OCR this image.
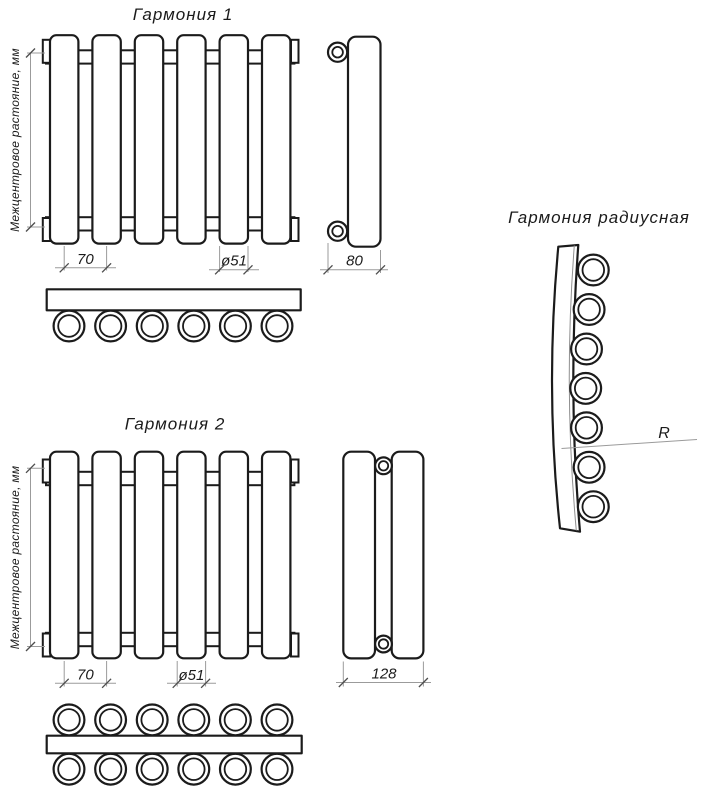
Гармония 1
Межцентровое растояние, мм
70	ø51	80
Гармония 2
Межцентровое растояние, мм
70	ø51	128
Гармония радиусная
R
